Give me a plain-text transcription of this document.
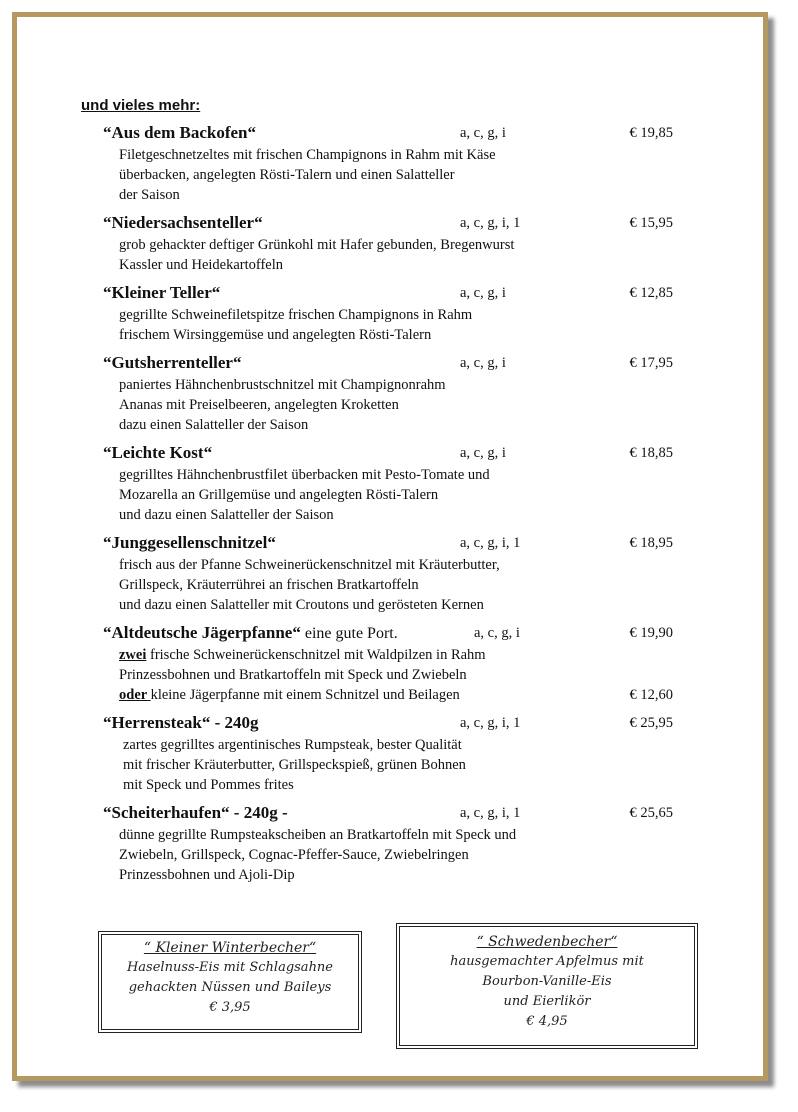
und vieles mehr:
“Aus dem Backofen“	a, c, g, i	€ 19,85
Filetgeschnetzeltes mit frischen Champignons in Rahm mit Käse
überbacken, angelegten Rösti-Talern und einen Salatteller
der Saison
“Niedersachsenteller“	a, c, g, i, 1	€ 15,95
grob gehackter deftiger Grünkohl mit Hafer gebunden, Bregenwurst
Kassler und Heidekartoffeln
“Kleiner Teller“	a, c, g, i	€ 12,85
gegrillte Schweinefiletspitze frischen Champignons in Rahm
frischem Wirsinggemüse und angelegten Rösti-Talern
“Gutsherrenteller“	a, c, g, i	€ 17,95
paniertes Hähnchenbrustschnitzel mit Champignonrahm
Ananas mit Preiselbeeren, angelegten Kroketten
dazu einen Salatteller der Saison
“Leichte Kost“	a, c, g, i	€ 18,85
gegrilltes Hähnchenbrustfilet überbacken mit Pesto-Tomate und
Mozarella an Grillgemüse und angelegten Rösti-Talern
und dazu einen Salatteller der Saison
“Junggesellenschnitzel“	a, c, g, i, 1	€ 18,95
frisch aus der Pfanne Schweinerückenschnitzel mit Kräuterbutter,
Grillspeck, Kräuterrührei an frischen Bratkartoffeln
und dazu einen Salatteller mit Croutons und gerösteten Kernen
“Altdeutsche Jägerpfanne“ eine gute Port.	a, c, g, i	€ 19,90
zwei frische Schweinerückenschnitzel mit Waldpilzen in Rahm
Prinzessbohnen und Bratkartoffeln mit Speck und Zwiebeln
oder kleine Jägerpfanne mit einem Schnitzel und Beilagen	€ 12,60
“Herrensteak“ - 240g	a, c, g, i, 1	€ 25,95
zartes gegrilltes argentinisches Rumpsteak, bester Qualität
mit frischer Kräuterbutter, Grillspeckspieß, grünen Bohnen
mit Speck und Pommes frites
“Scheiterhaufen“ - 240g -	a, c, g, i, 1	€ 25,65
dünne gegrillte Rumpsteakscheiben an Bratkartoffeln mit Speck und
Zwiebeln, Grillspeck, Cognac-Pfeffer-Sauce, Zwiebelringen
Prinzessbohnen und Ajoli-Dip
“ Kleiner Winterbecher“
Haselnuss-Eis mit Schlagsahne
gehackten Nüssen und Baileys
€ 3,95
“ Schwedenbecher“
hausgemachter Apfelmus mit
Bourbon-Vanille-Eis
und Eierlikör
€ 4,95
